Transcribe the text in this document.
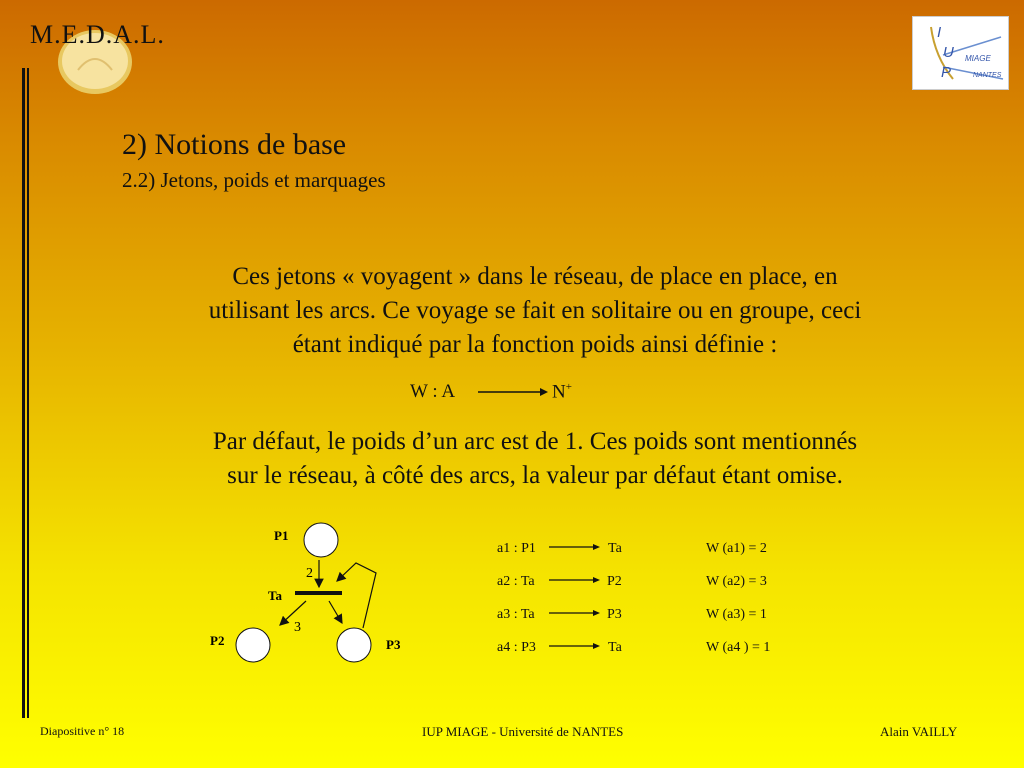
M.E.D.A.L.	I
U
P
MIAGE
NANTES
2) Notions de base
2.2) Jetons, poids et marquages
Ces jetons « voyagent » dans le réseau, de place en place, en
utilisant les arcs. Ce voyage se fait en solitaire ou en groupe, ceci
étant indiqué par la fonction poids ainsi définie :
W : A	N+
Par défaut, le poids d’un arc est de 1. Ces poids sont mentionnés
sur le réseau, à côté des arcs, la valeur par défaut étant omise.
P1
P2	P3
Ta
2
3
a1 : P1	Ta	W (a1) = 2
a2 : Ta	P2	W (a2) = 3
a3 : Ta	P3	W (a3) = 1
a4 : P3	Ta	W (a4 ) = 1
Diapositive n° 18	IUP MIAGE - Université de NANTES	Alain VAILLY
